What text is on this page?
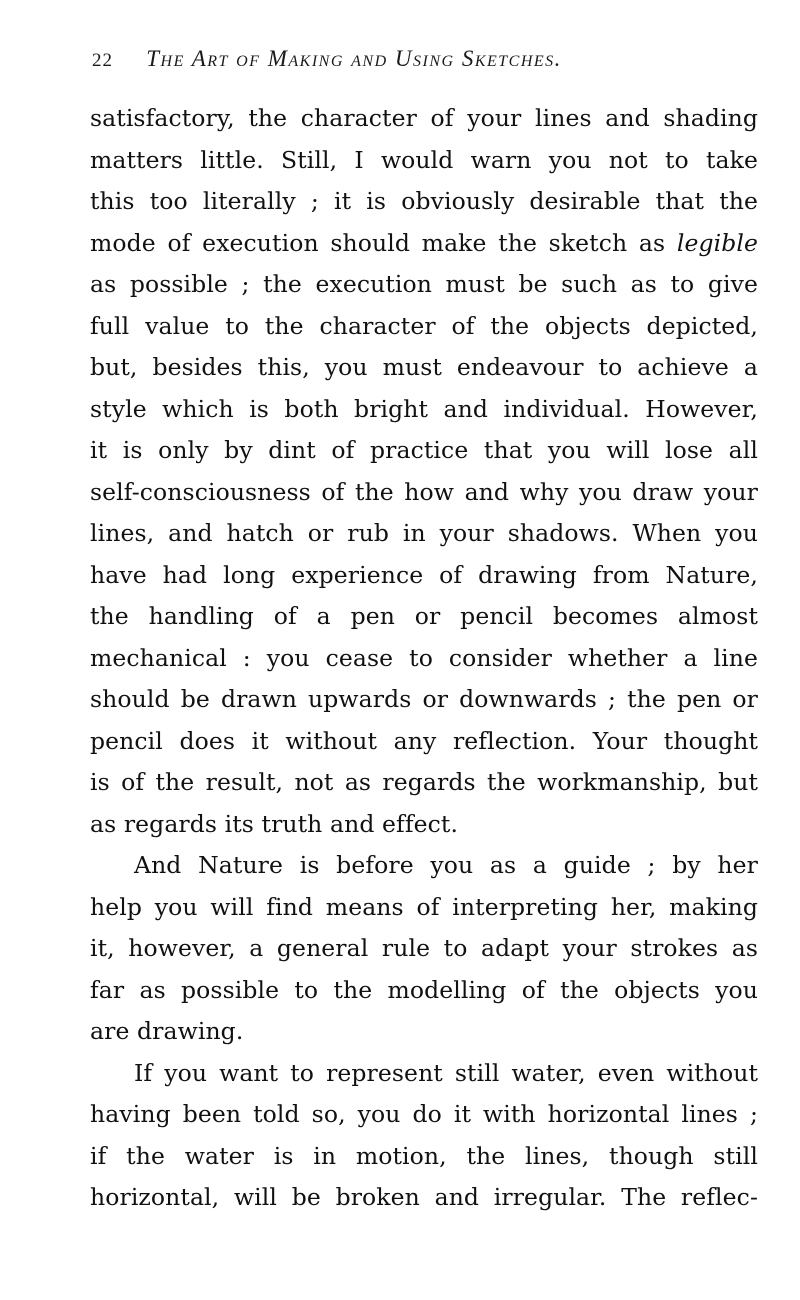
22 The Art of Making and Using Sketches.
satisfactory, the character of your lines and shading
matters little. Still, I would warn you not to take
this too literally ; it is obviously desirable that the
mode of execution should make the sketch as legible
as possible ; the execution must be such as to give
full value to the character of the objects depicted,
but, besides this, you must endeavour to achieve a
style which is both bright and individual. However,
it is only by dint of practice that you will lose all
self-consciousness of the how and why you draw your
lines, and hatch or rub in your shadows. When you
have had long experience of drawing from Nature,
the handling of a pen or pencil becomes almost
mechanical : you cease to consider whether a line
should be drawn upwards or downwards ; the pen or
pencil does it without any reflection. Your thought
is of the result, not as regards the workmanship, but
as regards its truth and effect.
And Nature is before you as a guide ; by her
help you will find means of interpreting her, making
it, however, a general rule to adapt your strokes as
far as possible to the modelling of the objects you
are drawing.
If you want to represent still water, even without
having been told so, you do it with horizontal lines ;
if the water is in motion, the lines, though still
horizontal, will be broken and irregular. The reflec-
